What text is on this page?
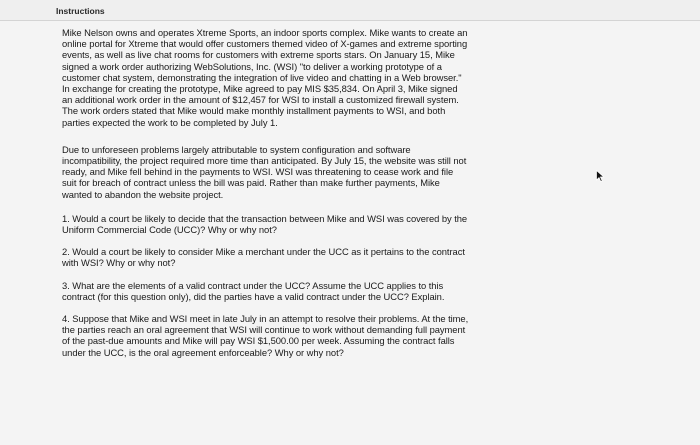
Instructions

Mike Nelson owns and operates Xtreme Sports, an indoor sports complex. Mike wants to create an online portal for Xtreme that would offer customers themed video of X-games and extreme sporting events, as well as live chat rooms for customers with extreme sports stars. On January 15, Mike signed a work order authorizing WebSolutions, Inc. (WSI) "to deliver a working prototype of a customer chat system, demonstrating the integration of live video and chatting in a Web browser." In exchange for creating the prototype, Mike agreed to pay MIS $35,834. On April 3, Mike signed an additional work order in the amount of $12,457 for WSI to install a customized firewall system. The work orders stated that Mike would make monthly installment payments to WSI, and both parties expected the work to be completed by July 1.

Due to unforeseen problems largely attributable to system configuration and software incompatibility, the project required more time than anticipated. By July 15, the website was still not ready, and Mike fell behind in the payments to WSI. WSI was threatening to cease work and file suit for breach of contract unless the bill was paid. Rather than make further payments, Mike wanted to abandon the website project.

1. Would a court be likely to decide that the transaction between Mike and WSI was covered by the Uniform Commercial Code (UCC)? Why or why not?

2. Would a court be likely to consider Mike a merchant under the UCC as it pertains to the contract with WSI? Why or why not?

3. What are the elements of a valid contract under the UCC? Assume the UCC applies to this contract (for this question only), did the parties have a valid contract under the UCC? Explain.

4. Suppose that Mike and WSI meet in late July in an attempt to resolve their problems. At the time, the parties reach an oral agreement that WSI will continue to work without demanding full payment of the past-due amounts and Mike will pay WSI $1,500.00 per week. Assuming the contract falls under the UCC, is the oral agreement enforceable? Why or why not?
